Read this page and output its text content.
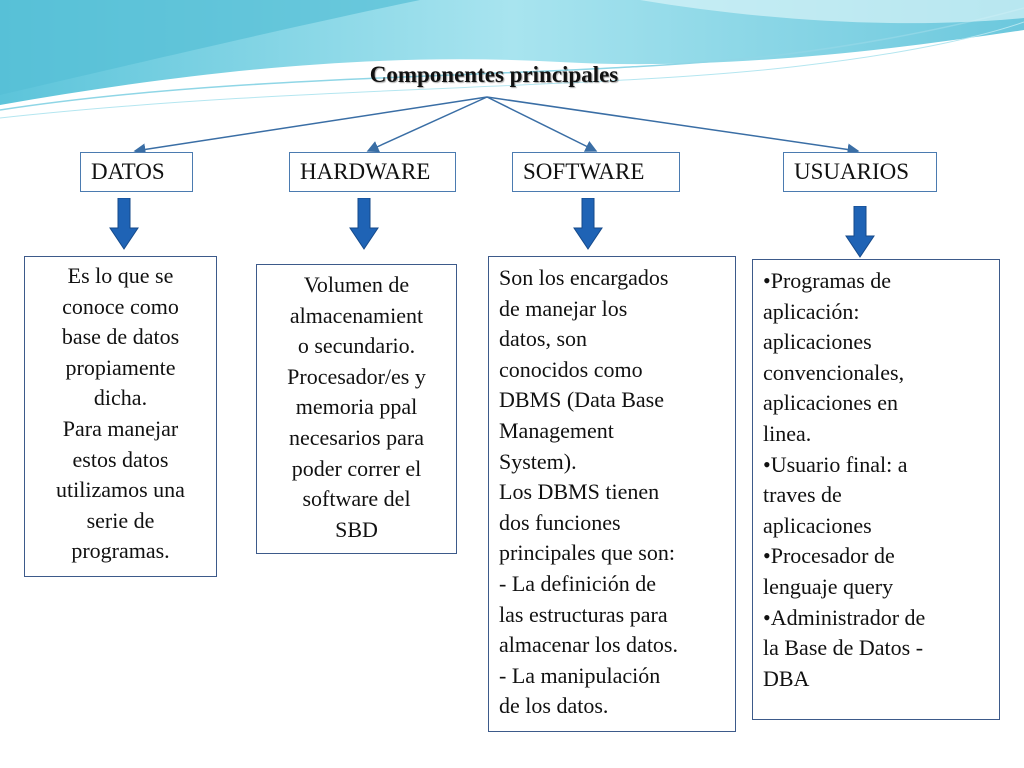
Componentes principales
DATOS

Es lo que se

conoce como

base de datos

propiamente

dicha.

Para manejar

estos datos

utilizamos una

serie de

programas.

HARDWARE

Volumen de

almacenamient

o secundario.

Procesador/es y

memoria ppal

necesarios para

poder correr el

software del

SBD

SOFTWARE

Son los encargados

de manejar los

datos, son

conocidos como

DBMS (Data Base

Management

System).

Los DBMS tienen

dos funciones

principales que son:

- La definición de

las estructuras para

almacenar los datos.

- La manipulación

de los datos.

USUARIOS

•Programas de

aplicación:

aplicaciones

convencionales,

aplicaciones en

linea.

•Usuario final: a

traves de

aplicaciones

•Procesador de

lenguaje query

•Administrador de

la Base de Datos -

DBA
